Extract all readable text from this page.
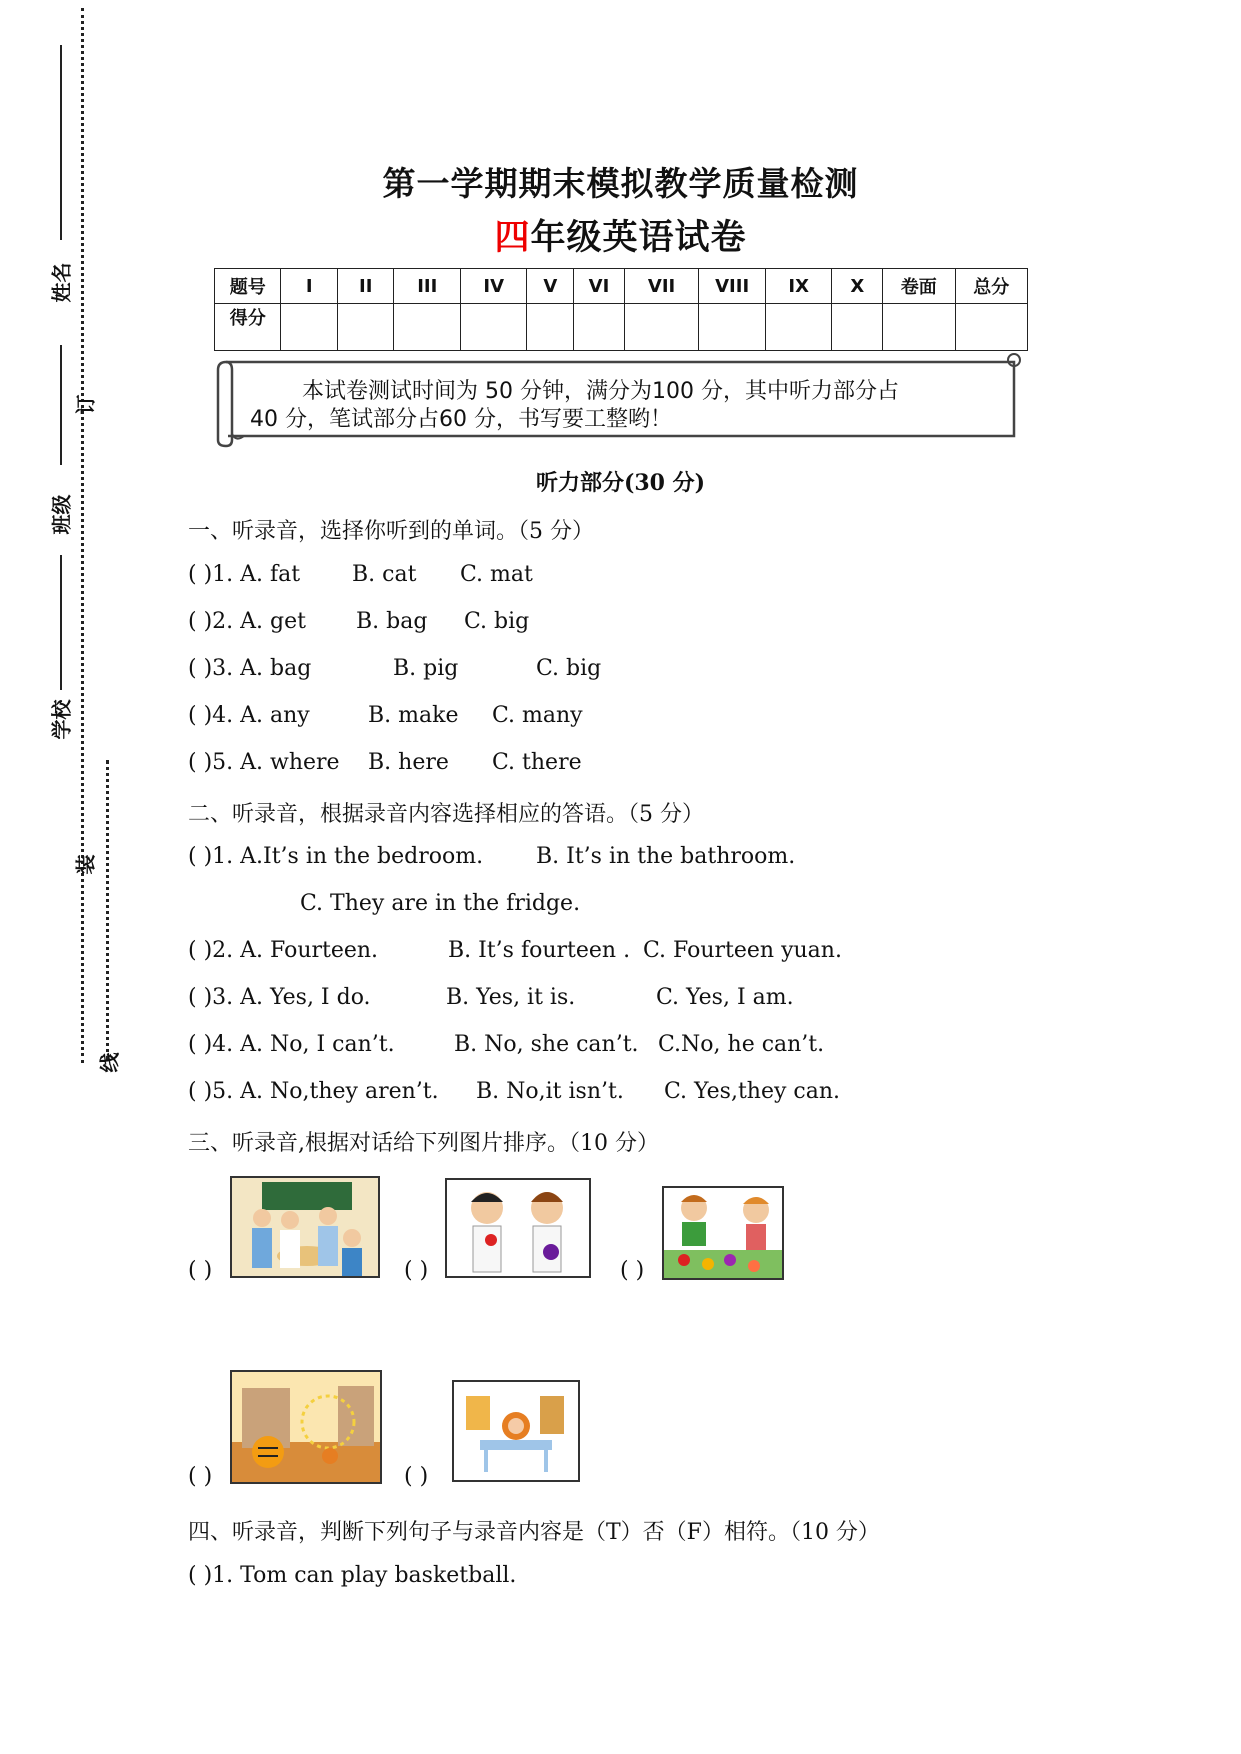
姓名
订
班级
学校
装
线
第一学期期末模拟教学质量检测
四年级英语试卷
题号	I	II	III	IV	V	VI	VII	VIII	IX	X	卷面	总分
得分												
本试卷测试时间为 50 分钟，满分为100 分，其中听力部分占
40 分，笔试部分占60 分，书写要工整哟！
听力部分(30 分)
一、听录音，选择你听到的单词。（5 分）
( )1. A. fat B. cat C. mat
( )2. A. get B. bag C. big
( )3. A. bag	B. pig	C. big
( )4. A. any	B. make C. many
( )5. A. where B. here C. there
二、听录音，根据录音内容选择相应的答语。（5 分）
( )1. A.It’s in the bedroom. B. It’s in the bathroom.
C. They are in the fridge.
( )2. A. Fourteen.	B. It’s fourteen . C. Fourteen yuan.
( )3. A. Yes, I do.	B. Yes, it is.	C. Yes, I am.
( )4. A. No, I can’t.	B. No, she can’t. C.No, he can’t.
( )5. A. No,they aren’t. B. No,it isn’t. C. Yes,they can.
三、听录音,根据对话给下列图片排序。（10 分）
( )	( )	( )
( )	( )
四、听录音，判断下列句子与录音内容是（T）否（F）相符。（10 分）
( )1. Tom can play basketball.
